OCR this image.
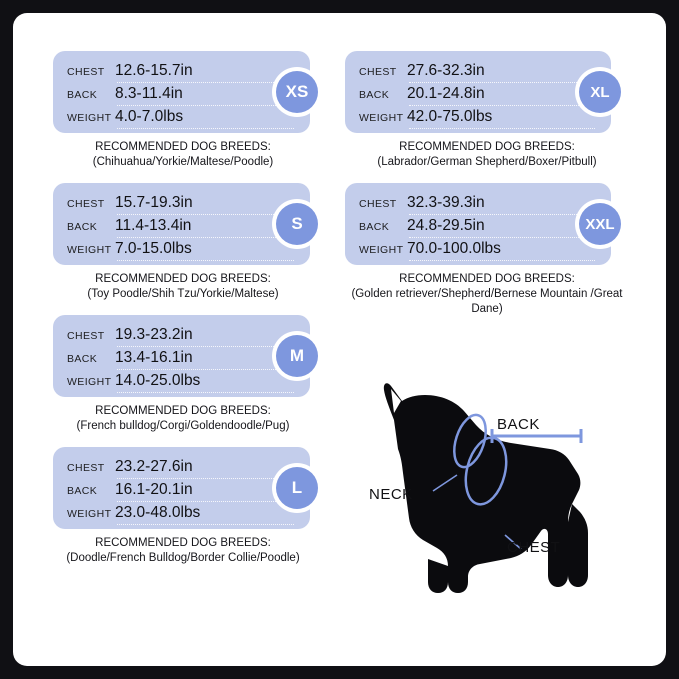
CHEST 12.6-15.7in
BACK	8.3-11.4in
WEIGHT 4.0-7.0lbs
XS
RECOMMENDED DOG BREEDS:
(Chihuahua/Yorkie/Maltese/Poodle)
CHEST 15.7-19.3in
BACK	11.4-13.4in
WEIGHT 7.0-15.0lbs
S
RECOMMENDED DOG BREEDS:
(Toy Poodle/Shih Tzu/Yorkie/Maltese)
CHEST 19.3-23.2in
BACK	13.4-16.1in
WEIGHT 14.0-25.0lbs
M
RECOMMENDED DOG BREEDS:
(French bulldog/Corgi/Goldendoodle/Pug)
CHEST 23.2-27.6in
BACK	16.1-20.1in
WEIGHT 23.0-48.0lbs
L
RECOMMENDED DOG BREEDS:
(Doodle/French Bulldog/Border Collie/Poodle)
CHEST 27.6-32.3in
BACK	20.1-24.8in
WEIGHT 42.0-75.0lbs
XL
RECOMMENDED DOG BREEDS:
(Labrador/German Shepherd/Boxer/Pitbull)
CHEST 32.3-39.3in
BACK	24.8-29.5in
WEIGHT 70.0-100.0lbs
XXL
RECOMMENDED DOG BREEDS:
(Golden retriever/Shepherd/Bernese Mountain /Great Dane)
BACK
NECK
CHEST
